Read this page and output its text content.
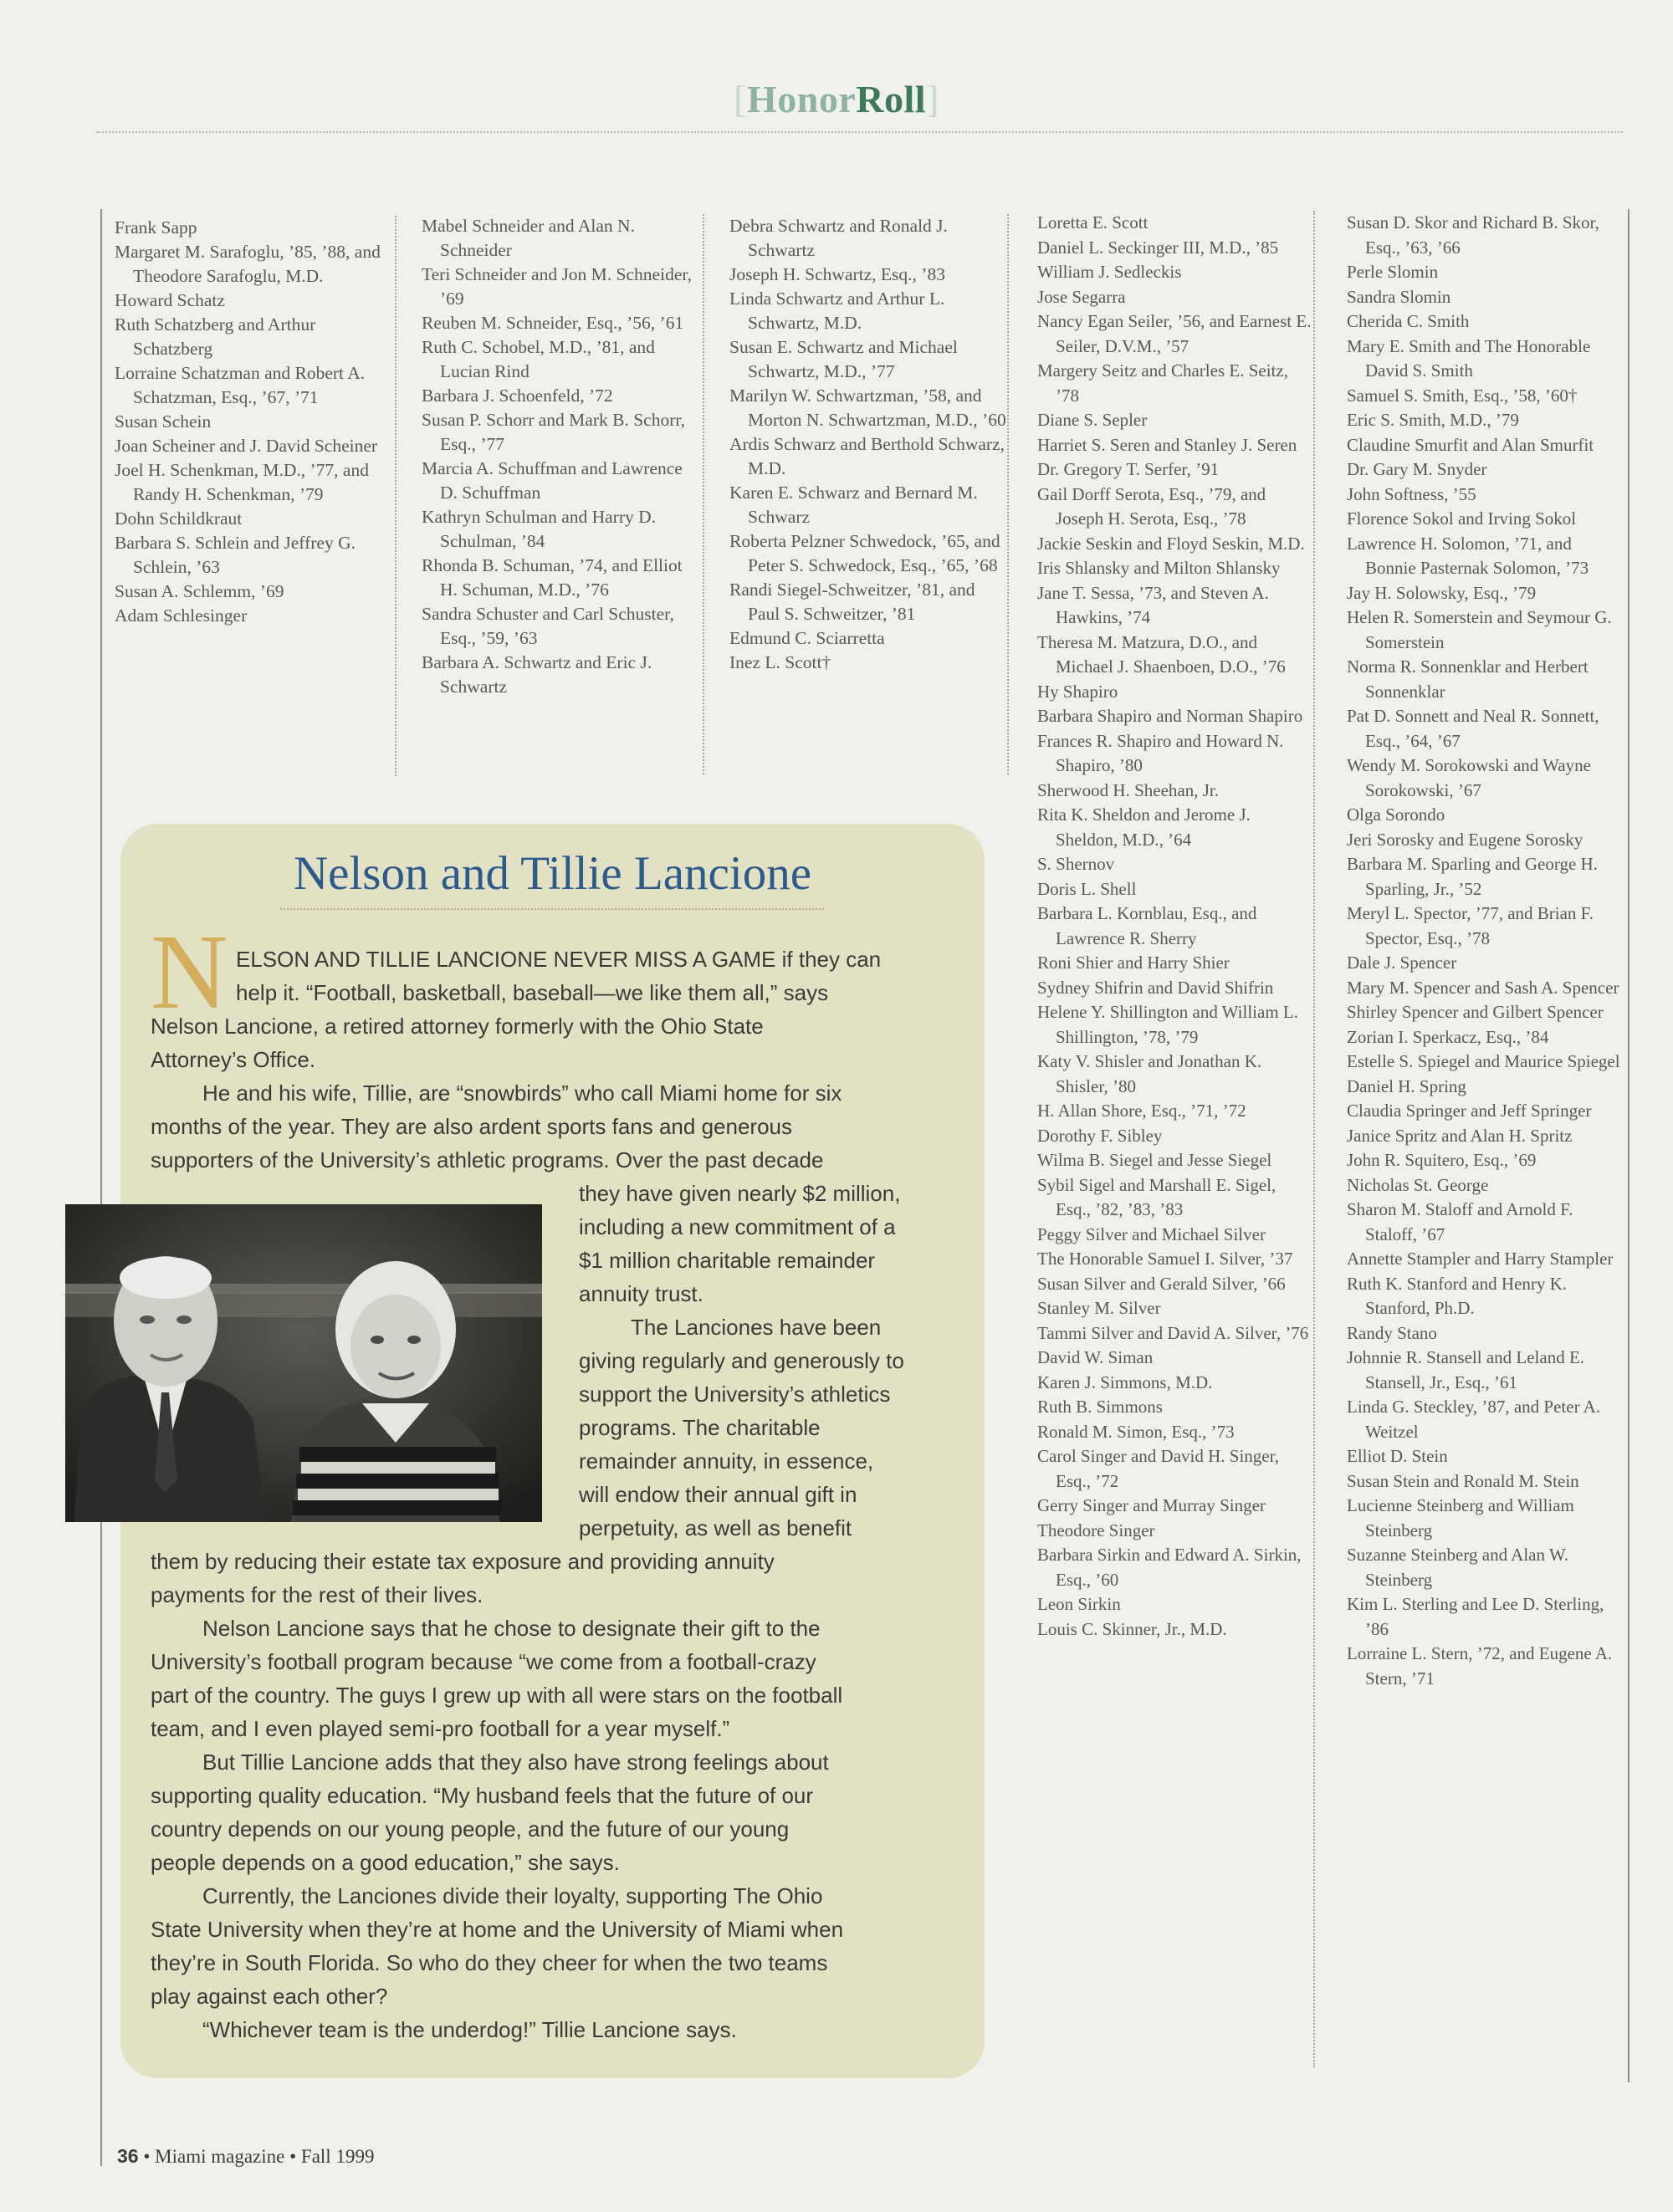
[HonorRoll]
Frank Sapp
Margaret M. Sarafoglu, ’85, ’88, and Theodore Sarafoglu, M.D.
Howard Schatz
Ruth Schatzberg and Arthur Schatzberg
Lorraine Schatzman and Robert A. Schatzman, Esq., ’67, ’71
Susan Schein
Joan Scheiner and J. David Scheiner
Joel H. Schenkman, M.D., ’77, and Randy H. Schenkman, ’79
Dohn Schildkraut
Barbara S. Schlein and Jeffrey G. Schlein, ’63
Susan A. Schlemm, ’69
Adam Schlesinger
Mabel Schneider and Alan N. Schneider
Teri Schneider and Jon M. Schneider, ’69
Reuben M. Schneider, Esq., ’56, ’61
Ruth C. Schobel, M.D., ’81, and Lucian Rind
Barbara J. Schoenfeld, ’72
Susan P. Schorr and Mark B. Schorr, Esq., ’77
Marcia A. Schuffman and Lawrence D. Schuffman
Kathryn Schulman and Harry D. Schulman, ’84
Rhonda B. Schuman, ’74, and Elliot H. Schuman, M.D., ’76
Sandra Schuster and Carl Schuster, Esq., ’59, ’63
Barbara A. Schwartz and Eric J. Schwartz
Debra Schwartz and Ronald J. Schwartz
Joseph H. Schwartz, Esq., ’83
Linda Schwartz and Arthur L. Schwartz, M.D.
Susan E. Schwartz and Michael Schwartz, M.D., ’77
Marilyn W. Schwartzman, ’58, and Morton N. Schwartzman, M.D., ’60
Ardis Schwarz and Berthold Schwarz, M.D.
Karen E. Schwarz and Bernard M. Schwarz
Roberta Pelzner Schwedock, ’65, and Peter S. Schwedock, Esq., ’65, ’68
Randi Siegel-Schweitzer, ’81, and Paul S. Schweitzer, ’81
Edmund C. Sciarretta
Inez L. Scott†
Loretta E. Scott
Daniel L. Seckinger III, M.D., ’85
William J. Sedleckis
Jose Segarra
Nancy Egan Seiler, ’56, and Earnest E. Seiler, D.V.M., ’57
Margery Seitz and Charles E. Seitz, ’78
Diane S. Sepler
Harriet S. Seren and Stanley J. Seren
Dr. Gregory T. Serfer, ’91
Gail Dorff Serota, Esq., ’79, and Joseph H. Serota, Esq., ’78
Jackie Seskin and Floyd Seskin, M.D.
Iris Shlansky and Milton Shlansky
Jane T. Sessa, ’73, and Steven A. Hawkins, ’74
Theresa M. Matzura, D.O., and Michael J. Shaenboen, D.O., ’76
Hy Shapiro
Barbara Shapiro and Norman Shapiro
Frances R. Shapiro and Howard N. Shapiro, ’80
Sherwood H. Sheehan, Jr.
Rita K. Sheldon and Jerome J. Sheldon, M.D., ’64
S. Shernov
Doris L. Shell
Barbara L. Kornblau, Esq., and Lawrence R. Sherry
Roni Shier and Harry Shier
Sydney Shifrin and David Shifrin
Helene Y. Shillington and William L. Shillington, ’78, ’79
Katy V. Shisler and Jonathan K. Shisler, ’80
H. Allan Shore, Esq., ’71, ’72
Dorothy F. Sibley
Wilma B. Siegel and Jesse Siegel
Sybil Sigel and Marshall E. Sigel, Esq., ’82, ’83, ’83
Peggy Silver and Michael Silver
The Honorable Samuel I. Silver, ’37
Susan Silver and Gerald Silver, ’66
Stanley M. Silver
Tammi Silver and David A. Silver, ’76
David W. Siman
Karen J. Simmons, M.D.
Ruth B. Simmons
Ronald M. Simon, Esq., ’73
Carol Singer and David H. Singer, Esq., ’72
Gerry Singer and Murray Singer
Theodore Singer
Barbara Sirkin and Edward A. Sirkin, Esq., ’60
Leon Sirkin
Louis C. Skinner, Jr., M.D.
Susan D. Skor and Richard B. Skor, Esq., ’63, ’66
Perle Slomin
Sandra Slomin
Cherida C. Smith
Mary E. Smith and The Honorable David S. Smith
Samuel S. Smith, Esq., ’58, ’60†
Eric S. Smith, M.D., ’79
Claudine Smurfit and Alan Smurfit
Dr. Gary M. Snyder
John Softness, ’55
Florence Sokol and Irving Sokol
Lawrence H. Solomon, ’71, and Bonnie Pasternak Solomon, ’73
Jay H. Solowsky, Esq., ’79
Helen R. Somerstein and Seymour G. Somerstein
Norma R. Sonnenklar and Herbert Sonnenklar
Pat D. Sonnett and Neal R. Sonnett, Esq., ’64, ’67
Wendy M. Sorokowski and Wayne Sorokowski, ’67
Olga Sorondo
Jeri Sorosky and Eugene Sorosky
Barbara M. Sparling and George H. Sparling, Jr., ’52
Meryl L. Spector, ’77, and Brian F. Spector, Esq., ’78
Dale J. Spencer
Mary M. Spencer and Sash A. Spencer
Shirley Spencer and Gilbert Spencer
Zorian I. Sperkacz, Esq., ’84
Estelle S. Spiegel and Maurice Spiegel
Daniel H. Spring
Claudia Springer and Jeff Springer
Janice Spritz and Alan H. Spritz
John R. Squitero, Esq., ’69
Nicholas St. George
Sharon M. Staloff and Arnold F. Staloff, ’67
Annette Stampler and Harry Stampler
Ruth K. Stanford and Henry K. Stanford, Ph.D.
Randy Stano
Johnnie R. Stansell and Leland E. Stansell, Jr., Esq., ’61
Linda G. Steckley, ’87, and Peter A. Weitzel
Elliot D. Stein
Susan Stein and Ronald M. Stein
Lucienne Steinberg and William Steinberg
Suzanne Steinberg and Alan W. Steinberg
Kim L. Sterling and Lee D. Sterling, ’86
Lorraine L. Stern, ’72, and Eugene A. Stern, ’71
Nelson and Tillie Lancione
N ELSON AND TILLIE LANCIONE NEVER MISS A GAME if they can
help it. “Football, basketball, baseball—we like them all,” says
Nelson Lancione, a retired attorney formerly with the Ohio State
Attorney’s Office.
He and his wife, Tillie, are “snowbirds” who call Miami home for six
months of the year. They are also ardent sports fans and generous
supporters of the University’s athletic programs. Over the past decade
they have given nearly $2 million,
including a new commitment of a
$1 million charitable remainder
annuity trust.
The Lanciones have been
giving regularly and generously to
support the University’s athletics
programs. The charitable
remainder annuity, in essence,
will endow their annual gift in
perpetuity, as well as benefit
them by reducing their estate tax exposure and providing annuity
payments for the rest of their lives.
Nelson Lancione says that he chose to designate their gift to the
University’s football program because “we come from a football-crazy
part of the country. The guys I grew up with all were stars on the football
team, and I even played semi-pro football for a year myself.”
But Tillie Lancione adds that they also have strong feelings about
supporting quality education. “My husband feels that the future of our
country depends on our young people, and the future of our young
people depends on a good education,” she says.
Currently, the Lanciones divide their loyalty, supporting The Ohio
State University when they’re at home and the University of Miami when
they’re in South Florida. So who do they cheer for when the two teams
play against each other?
“Whichever team is the underdog!” Tillie Lancione says.
36 • Miami magazine • Fall 1999
